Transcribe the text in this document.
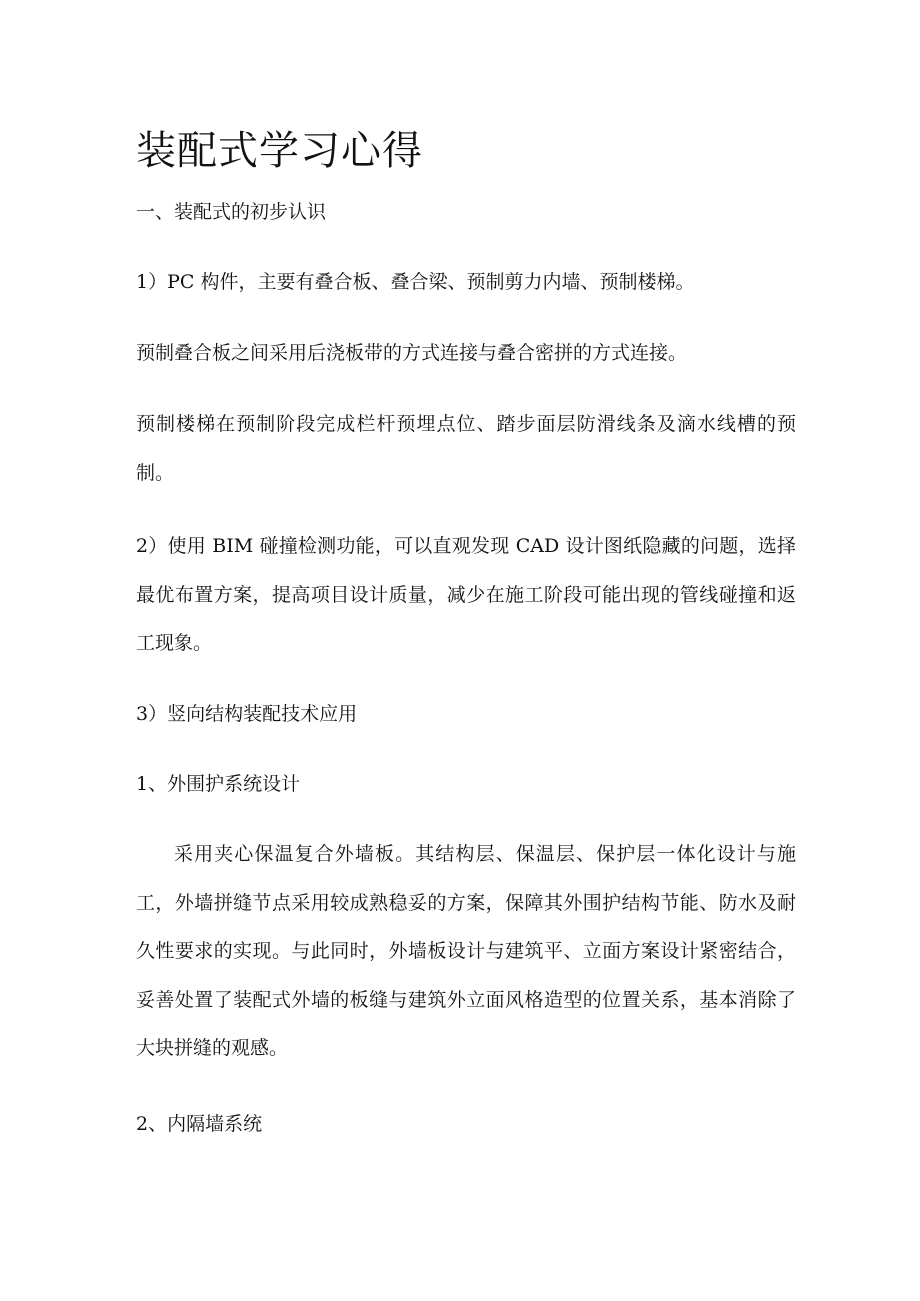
装配式学习心得

一、装配式的初步认识

1）PC 构件，主要有叠合板、叠合梁、预制剪力内墙、预制楼梯。

预制叠合板之间采用后浇板带的方式连接与叠合密拼的方式连接。

预制楼梯在预制阶段完成栏杆预埋点位、踏步面层防滑线条及滴水线槽的预制。

2）使用 BIM 碰撞检测功能，可以直观发现 CAD 设计图纸隐藏的问题，选择最优布置方案，提高项目设计质量，减少在施工阶段可能出现的管线碰撞和返工现象。

3）竖向结构装配技术应用

1、外围护系统设计

采用夹心保温复合外墙板。其结构层、保温层、保护层一体化设计与施工，外墙拼缝节点采用较成熟稳妥的方案，保障其外围护结构节能、防水及耐久性要求的实现。与此同时，外墙板设计与建筑平、立面方案设计紧密结合，妥善处置了装配式外墙的板缝与建筑外立面风格造型的位置关系，基本消除了大块拼缝的观感。

2、内隔墙系统
